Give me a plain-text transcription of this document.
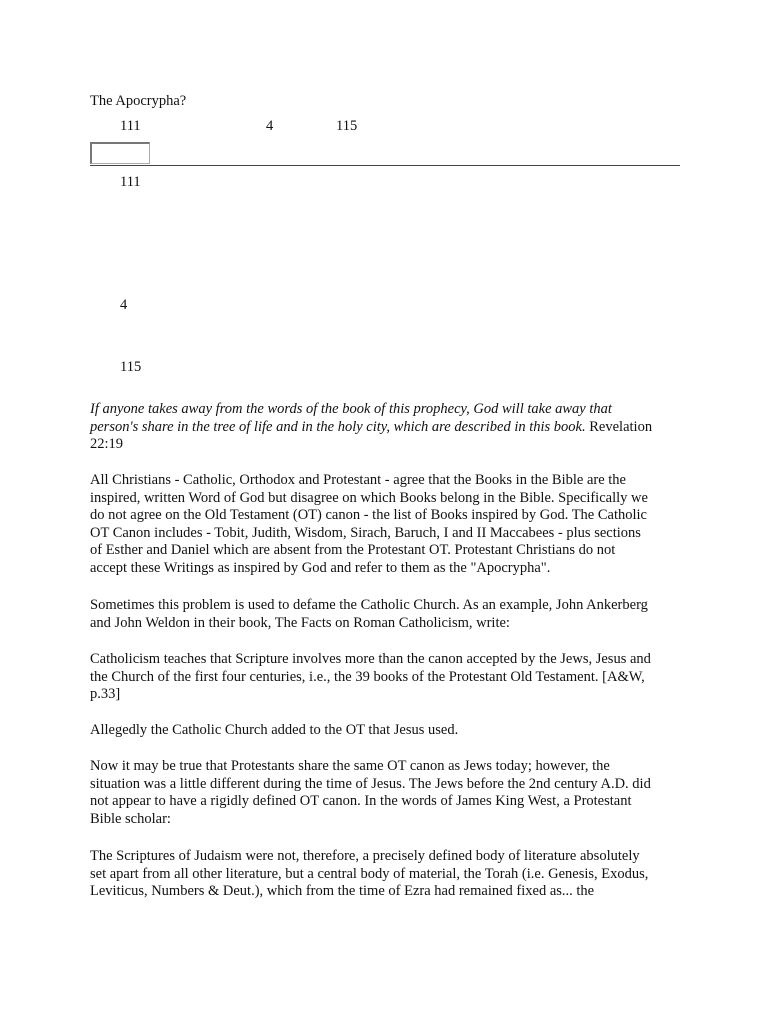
The Apocrypha?
111	4	115
111
4
115
If anyone takes away from the words of the book of this prophecy, God will take away that
person's share in the tree of life and in the holy city, which are described in this book. Revelation
22:19
All Christians - Catholic, Orthodox and Protestant - agree that the Books in the Bible are the
inspired, written Word of God but disagree on which Books belong in the Bible. Specifically we
do not agree on the Old Testament (OT) canon - the list of Books inspired by God. The Catholic
OT Canon includes - Tobit, Judith, Wisdom, Sirach, Baruch, I and II Maccabees - plus sections
of Esther and Daniel which are absent from the Protestant OT. Protestant Christians do not
accept these Writings as inspired by God and refer to them as the "Apocrypha".
Sometimes this problem is used to defame the Catholic Church. As an example, John Ankerberg
and John Weldon in their book, The Facts on Roman Catholicism, write:
Catholicism teaches that Scripture involves more than the canon accepted by the Jews, Jesus and
the Church of the first four centuries, i.e., the 39 books of the Protestant Old Testament. [A&W,
p.33]
Allegedly the Catholic Church added to the OT that Jesus used.
Now it may be true that Protestants share the same OT canon as Jews today; however, the
situation was a little different during the time of Jesus. The Jews before the 2nd century A.D. did
not appear to have a rigidly defined OT canon. In the words of James King West, a Protestant
Bible scholar:
The Scriptures of Judaism were not, therefore, a precisely defined body of literature absolutely
set apart from all other literature, but a central body of material, the Torah (i.e. Genesis, Exodus,
Leviticus, Numbers & Deut.), which from the time of Ezra had remained fixed as... the
